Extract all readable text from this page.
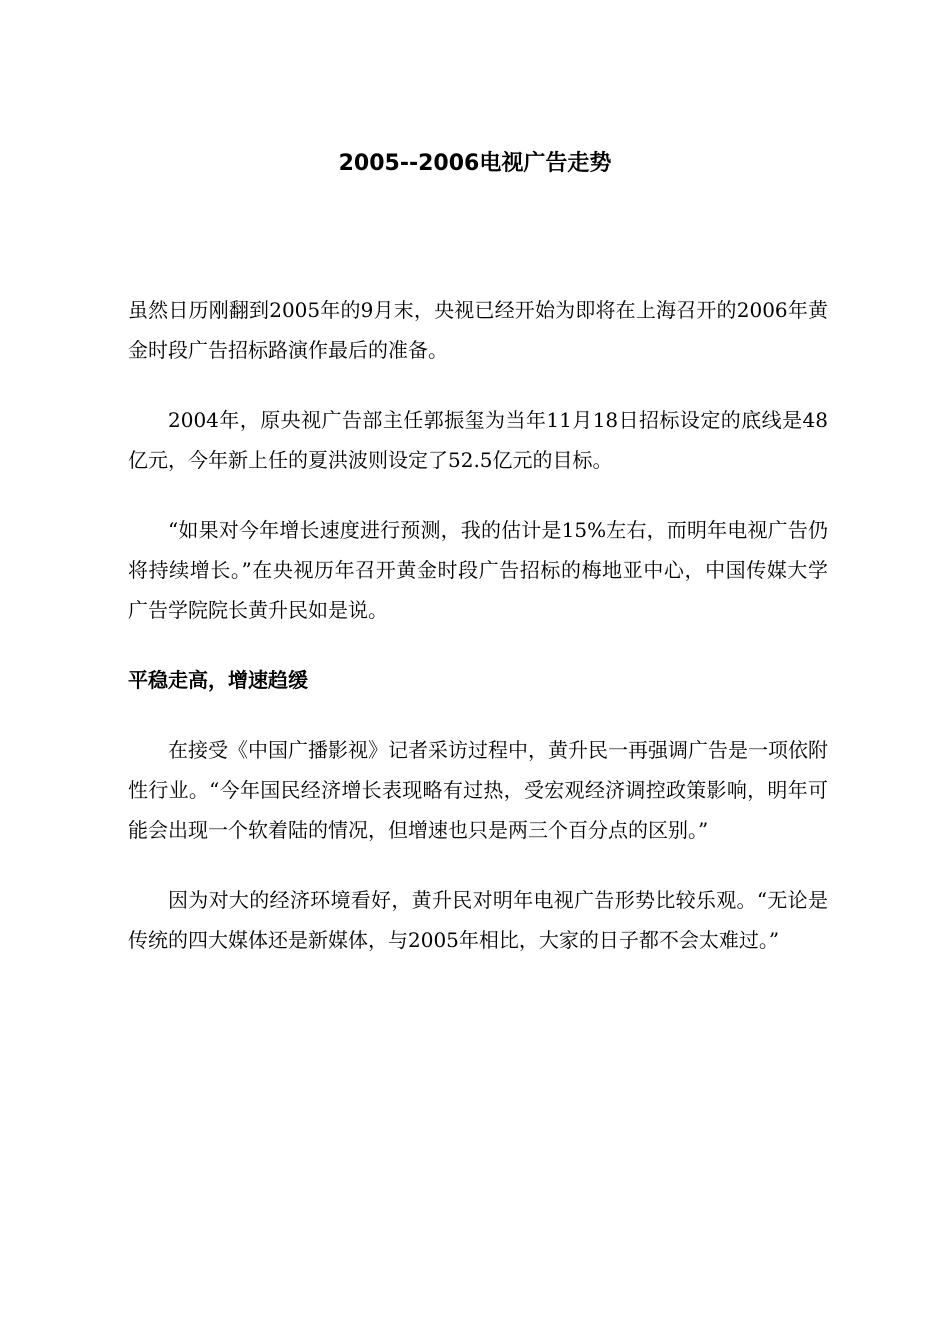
2005--2006电视广告走势

虽然日历刚翻到2005年的9月末，央视已经开始为即将在上海召开的2006年黄金时段广告招标路演作最后的准备。

2004年，原央视广告部主任郭振玺为当年11月18日招标设定的底线是48亿元，今年新上任的夏洪波则设定了52.5亿元的目标。

“如果对今年增长速度进行预测，我的估计是15%左右，而明年电视广告仍将持续增长。”在央视历年召开黄金时段广告招标的梅地亚中心，中国传媒大学广告学院院长黄升民如是说。

平稳走高，增速趋缓

在接受《中国广播影视》记者采访过程中，黄升民一再强调广告是一项依附性行业。“今年国民经济增长表现略有过热，受宏观经济调控政策影响，明年可能会出现一个软着陆的情况，但增速也只是两三个百分点的区别。”

因为对大的经济环境看好，黄升民对明年电视广告形势比较乐观。“无论是传统的四大媒体还是新媒体，与2005年相比，大家的日子都不会太难过。”
